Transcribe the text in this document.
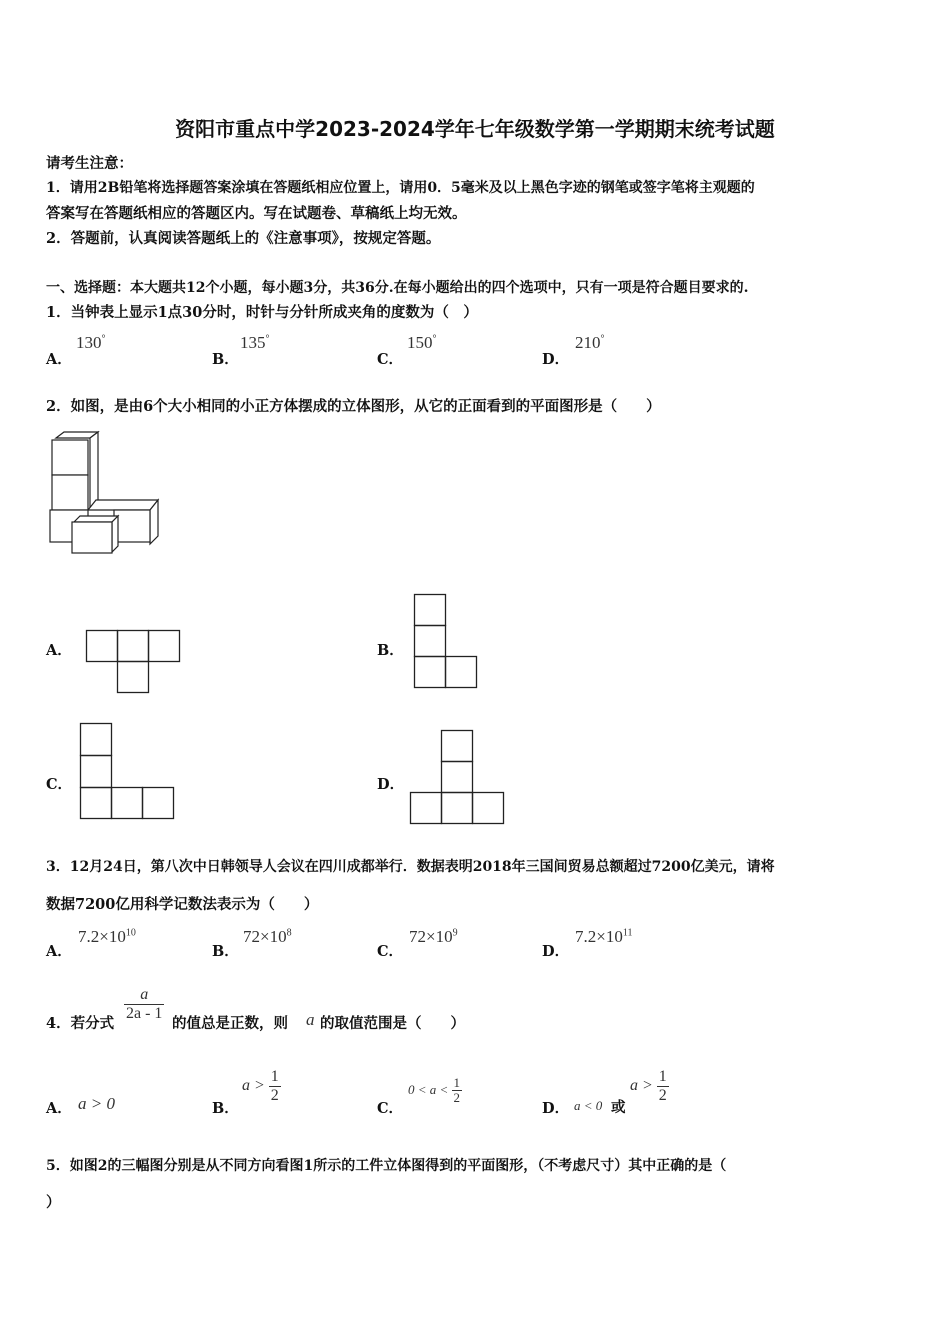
资阳市重点中学2023-2024学年七年级数学第一学期期末统考试题
请考生注意：
1．请用2B铅笔将选择题答案涂填在答题纸相应位置上，请用0．5毫米及以上黑色字迹的钢笔或签字笔将主观题的
答案写在答题纸相应的答题区内。写在试题卷、草稿纸上均无效。
2．答题前，认真阅读答题纸上的《注意事项》，按规定答题。
一、选择题：本大题共12个小题，每小题3分，共36分.在每小题给出的四个选项中，只有一项是符合题目要求的.
1．当钟表上显示1点30分时，时针与分针所成夹角的度数为（　）
A．
130°
B．
135°
C．
150°
D．
210°
2．如图，是由6个大小相同的小正方体摆成的立体图形，从它的正面看到的平面图形是（　　）
A．	B．
C．	D．
3．12月24日，第八次中日韩领导人会议在四川成都举行．数据表明2018年三国间贸易总额超过7200亿美元，请将
数据7200亿用科学记数法表示为（　　）
A．
$7.2\times 10^{10}$
B．
$72\times 10^8$
C．
$72\times 10^9$
D．
$7.2\times 10^{11}$
4．若分式
$\frac{a}{2a - 1}$
的值总是正数，则 a 的取值范围是（　　）
A． a > 0	B．
$a > \frac{1}{2}$
C．
$0 < a < \frac{1}{2}$
D． a < 0 或
$a > \frac{1}{2}$
5．如图2的三幅图分别是从不同方向看图1所示的工件立体图得到的平面图形，（不考虑尺寸）其中正确的是（
）
